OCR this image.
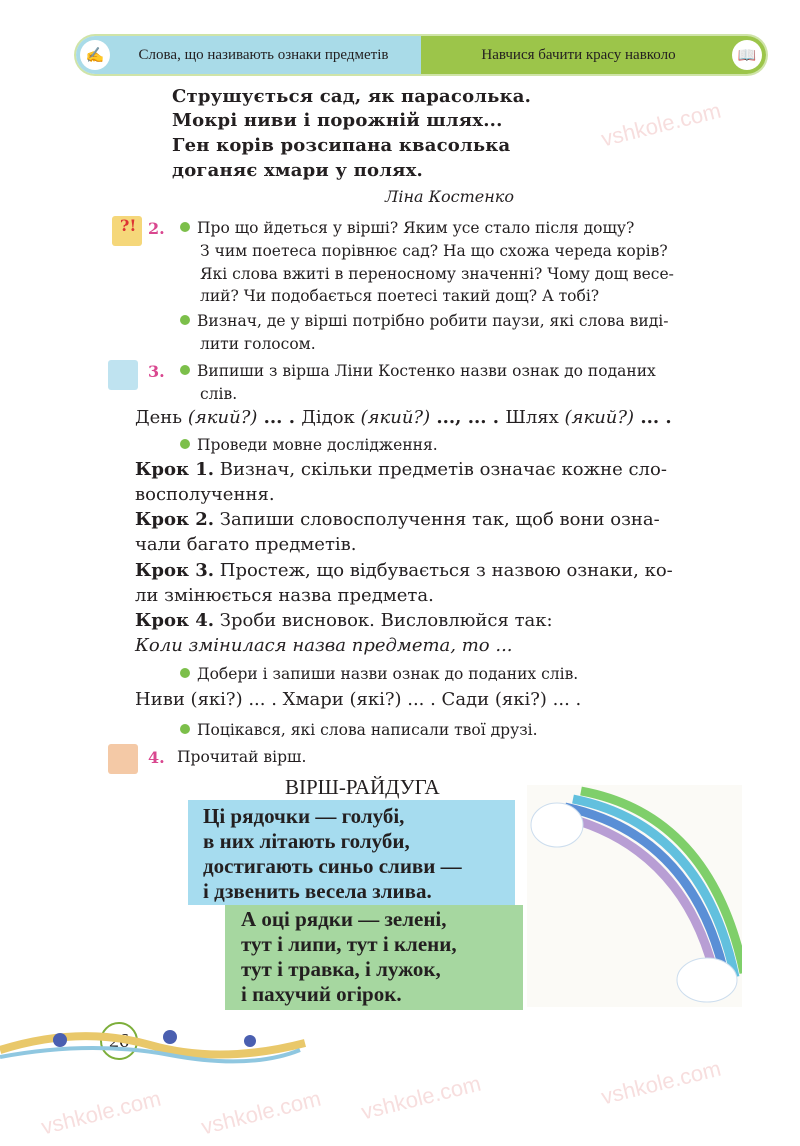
vshkole.com
vshkole.com
vshkole.com vshkole.com
vshkole.com
✍	Слова, що називають ознаки предметів	Навчися бачити красу навколо	📖
Струшується сад, як парасолька.
Мокрі ниви і порожній шлях...
Ген корів розсипана квасолька
доганяє хмари у полях.
Ліна Костенко
?! 2.	Про що йдеться у вірші? Яким усе стало після дощу?
З чим поетеса порівнює сад? На що схожа череда корів?
Які слова вжиті в переносному значенні? Чому дощ весе-
лий? Чи подобається поетесі такий дощ? А тобі?
Визнач, де у вірші потрібно робити паузи, які слова виді-
лити голосом.
3.	Випиши з вірша Ліни Костенко назви ознак до поданих
слів.
День (який?) ... . Дідок (який?) ..., ... . Шлях (який?) ... .
Проведи мовне дослідження.
Крок 1. Визнач, скільки предметів означає кожне сло-
восполучення.
Крок 2. Запиши словосполучення так, щоб вони озна-
чали багато предметів.
Крок 3. Простеж, що відбувається з назвою ознаки, ко-
ли змінюється назва предмета.
Крок 4. Зроби висновок. Висловлюйся так:
Коли змінилася назва предмета, то ...
Добери і запиши назви ознак до поданих слів.
Ниви (які?) ... . Хмари (які?) ... . Сади (які?) ... .
Поцікався, які слова написали твої друзі.
4. Прочитай вірш.
ВІРШ-РАЙДУГА
Ці рядочки — голубі,
в них літають голуби,
достигають синьо сливи —
і дзвенить весела злива.
А оці рядки — зелені,
тут і липи, тут і клени,
тут і травка, і лужок,
і пахучий огірок.
26
